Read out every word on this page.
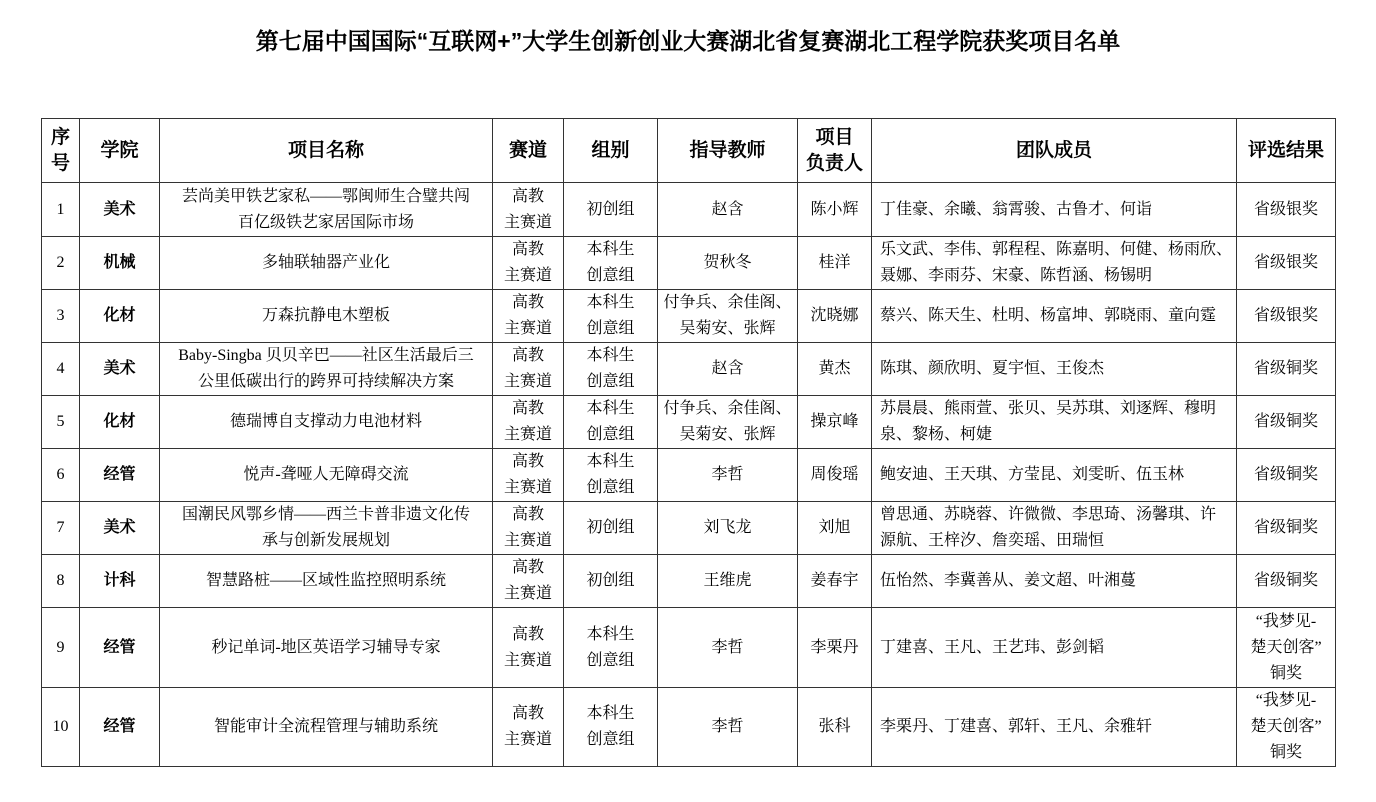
第七届中国国际“互联网+”大学生创新创业大赛湖北省复赛湖北工程学院获奖项目名单
序
号	学院	项目名称	赛道	组别	指导教师	项目
负责人	团队成员	评选结果
1	美术	芸尚美甲铁艺家私——鄂闽师生合璧共闯
百亿级铁艺家居国际市场	高教
主赛道	初创组	赵含	陈小辉	丁佳豪、余曦、翁霄骏、古鲁才、何诣	省级银奖
2	机械	多轴联轴器产业化	高教
主赛道	本科生
创意组	贺秋冬	桂洋	乐文武、李伟、郭程程、陈嘉明、何健、杨雨欣、
聂娜、李雨芬、宋豪、陈哲涵、杨锡明	省级银奖
3	化材	万森抗静电木塑板	高教
主赛道	本科生
创意组	付争兵、余佳阁、
吴菊安、张辉	沈晓娜	蔡兴、陈天生、杜明、杨富坤、郭晓雨、童向霆	省级银奖
4	美术	Baby-Singba 贝贝辛巴——社区生活最后三
公里低碳出行的跨界可持续解决方案	高教
主赛道	本科生
创意组	赵含	黄杰	陈琪、颜欣明、夏宇恒、王俊杰	省级铜奖
5	化材	德瑞博自支撑动力电池材料	高教
主赛道	本科生
创意组	付争兵、余佳阁、
吴菊安、张辉	操京峰	苏晨晨、熊雨萱、张贝、吴苏琪、刘逐辉、穆明
泉、黎杨、柯婕	省级铜奖
6	经管	悦声-聋哑人无障碍交流	高教
主赛道	本科生
创意组	李哲	周俊瑶	鲍安迪、王天琪、方莹昆、刘雯昕、伍玉林	省级铜奖
7	美术	国潮民风鄂乡情——西兰卡普非遗文化传
承与创新发展规划	高教
主赛道	初创组	刘飞龙	刘旭	曾思通、苏晓蓉、许微微、李思琦、汤馨琪、许
源航、王梓汐、詹奕瑶、田瑞恒	省级铜奖
8	计科	智慧路桩——区域性监控照明系统	高教
主赛道	初创组	王维虎	姜春宇	伍怡然、李冀善从、姜文超、叶湘蔓	省级铜奖
9	经管	秒记单词-地区英语学习辅导专家	高教
主赛道	本科生
创意组	李哲	李栗丹	丁建喜、王凡、王艺玮、彭剑韬	“我梦见-
楚天创客”
铜奖
10	经管	智能审计全流程管理与辅助系统	高教
主赛道	本科生
创意组	李哲	张科	李栗丹、丁建喜、郭轩、王凡、余雅轩	“我梦见-
楚天创客”
铜奖
